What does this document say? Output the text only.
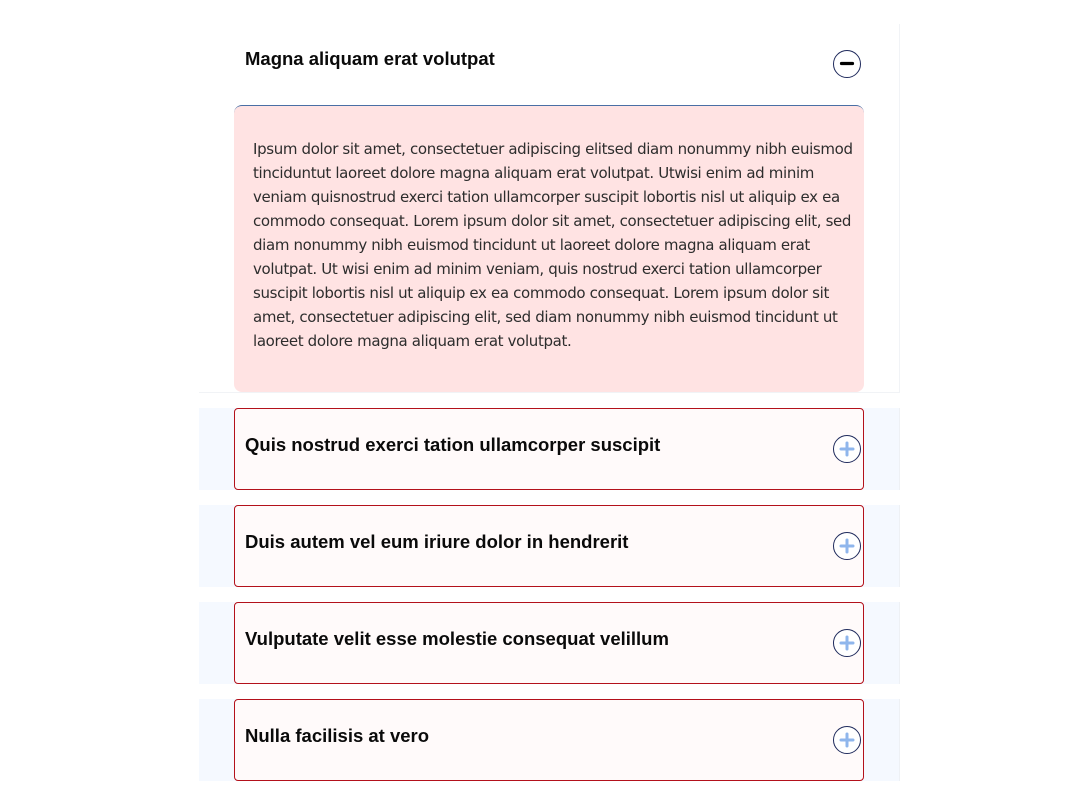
Magna aliquam erat volutpat

Ipsum dolor sit amet, consectetuer adipiscing elitsed diam nonummy nibh euismod tinciduntut laoreet dolore magna aliquam erat volutpat. Utwisi enim ad minim veniam quisnostrud exerci tation ullamcorper suscipit lobortis nisl ut aliquip ex ea commodo consequat. Lorem ipsum dolor sit amet, consectetuer adipiscing elit, sed diam nonummy nibh euismod tincidunt ut laoreet dolore magna aliquam erat volutpat. Ut wisi enim ad minim veniam, quis nostrud exerci tation ullamcorper suscipit lobortis nisl ut aliquip ex ea commodo consequat. Lorem ipsum dolor sit amet, consectetuer adipiscing elit, sed diam nonummy nibh euismod tincidunt ut laoreet dolore magna aliquam erat volutpat.

Quis nostrud exerci tation ullamcorper suscipit
Duis autem vel eum iriure dolor in hendrerit
Vulputate velit esse molestie consequat velillum
Nulla facilisis at vero
